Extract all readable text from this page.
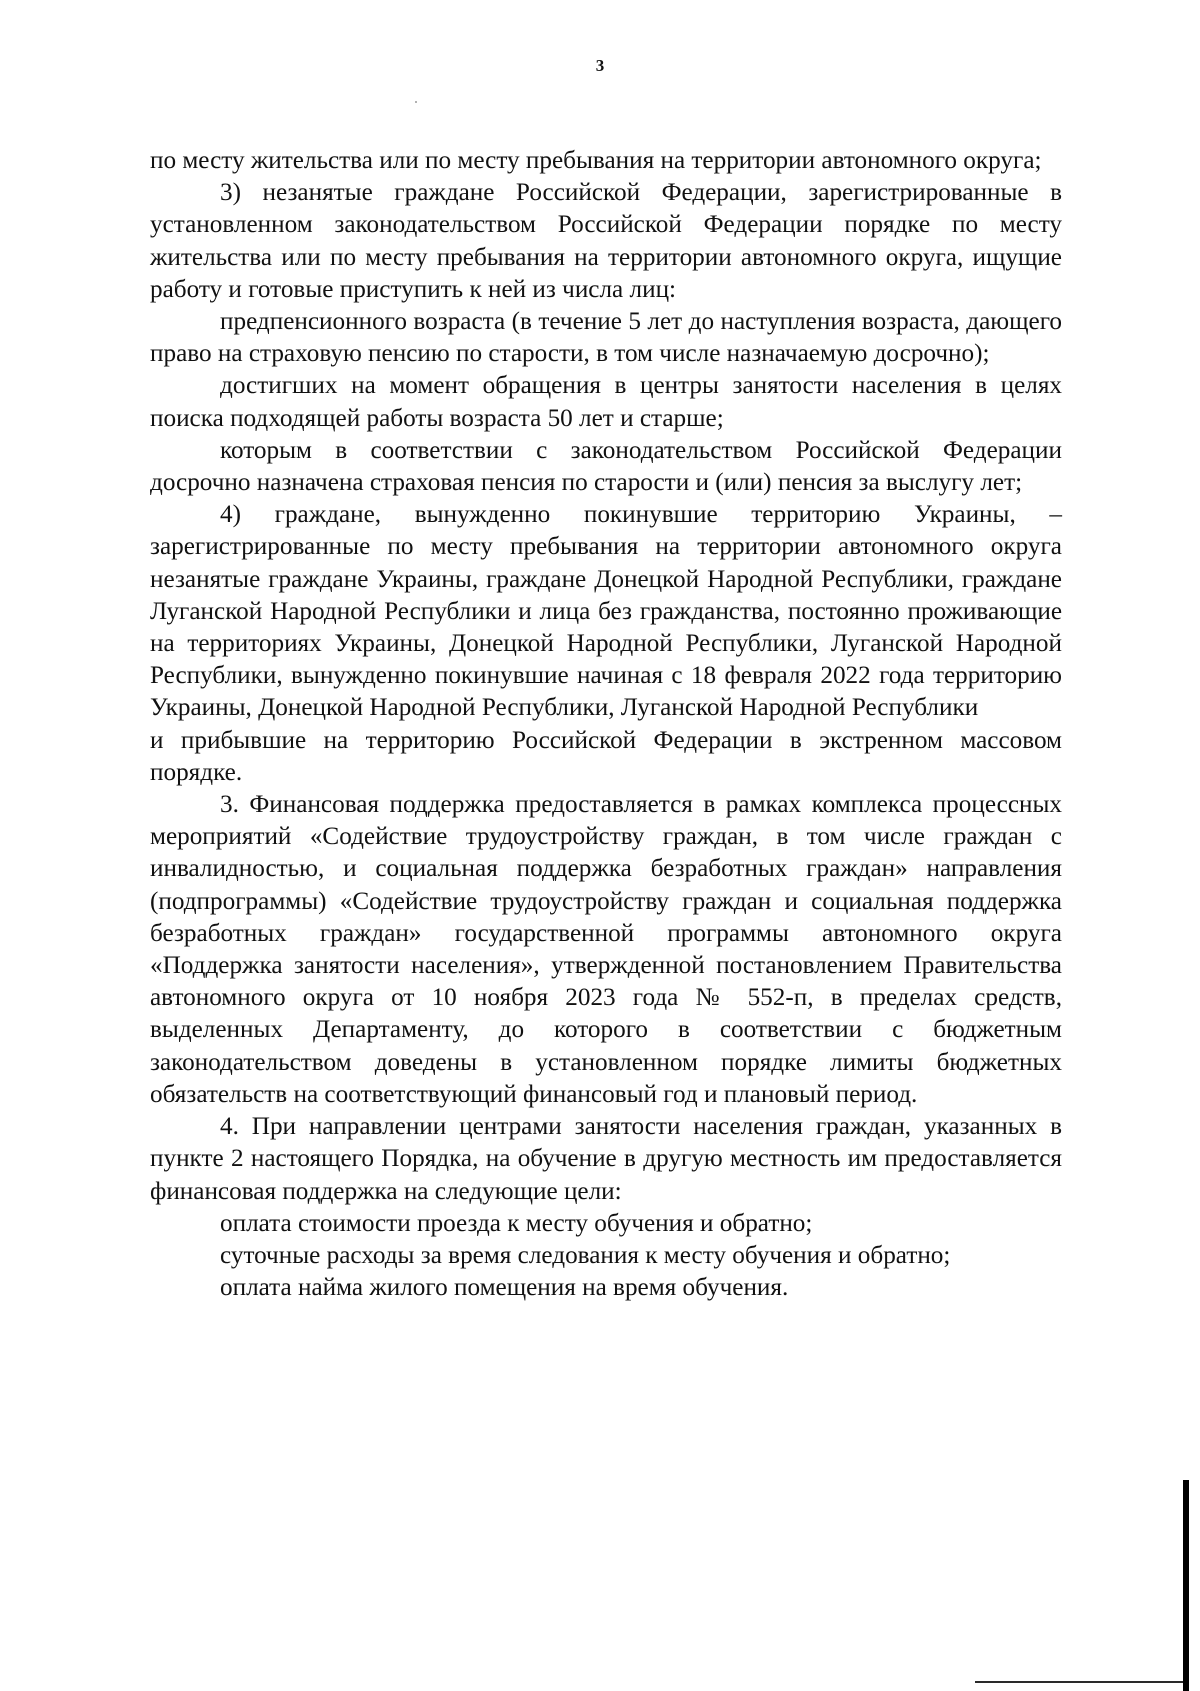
3

по месту жительства или по месту пребывания на территории автономного округа;

3) незанятые граждане Российской Федерации, зарегистрированные в установленном законодательством Российской Федерации порядке по месту жительства или по месту пребывания на территории автономного округа, ищущие работу и готовые приступить к ней из числа лиц:

предпенсионного возраста (в течение 5 лет до наступления возраста, дающего право на страховую пенсию по старости, в том числе назначаемую досрочно);

достигших на момент обращения в центры занятости населения в целях поиска подходящей работы возраста 50 лет и старше;

которым в соответствии с законодательством Российской Федерации досрочно назначена страховая пенсия по старости и (или) пенсия за выслугу лет;

4) граждане, вынужденно покинувшие территорию Украины, – зарегистрированные по месту пребывания на территории автономного округа незанятые граждане Украины, граждане Донецкой Народной Республики, граждане Луганской Народной Республики и лица без гражданства, постоянно проживающие на территориях Украины, Донецкой Народной Республики, Луганской Народной Республики, вынужденно покинувшие начиная с 18 февраля 2022 года территорию Украины, Донецкой Народной Республики, Луганской Народной Республики

и прибывшие на территорию Российской Федерации в экстренном массовом порядке.

3. Финансовая поддержка предоставляется в рамках комплекса процессных мероприятий «Содействие трудоустройству граждан, в том числе граждан с инвалидностью, и социальная поддержка безработных граждан» направления (подпрограммы) «Содействие трудоустройству граждан и социальная поддержка безработных граждан» государственной программы автономного округа «Поддержка занятости населения», утвержденной постановлением Правительства автономного округа от 10 ноября 2023 года № 552-п, в пределах средств, выделенных Департаменту, до которого в соответствии с бюджетным законодательством доведены в установленном порядке лимиты бюджетных обязательств на соответствующий финансовый год и плановый период.

4. При направлении центрами занятости населения граждан, указанных в пункте 2 настоящего Порядка, на обучение в другую местность им предоставляется финансовая поддержка на следующие цели:

оплата стоимости проезда к месту обучения и обратно;

суточные расходы за время следования к месту обучения и обратно;

оплата найма жилого помещения на время обучения.
